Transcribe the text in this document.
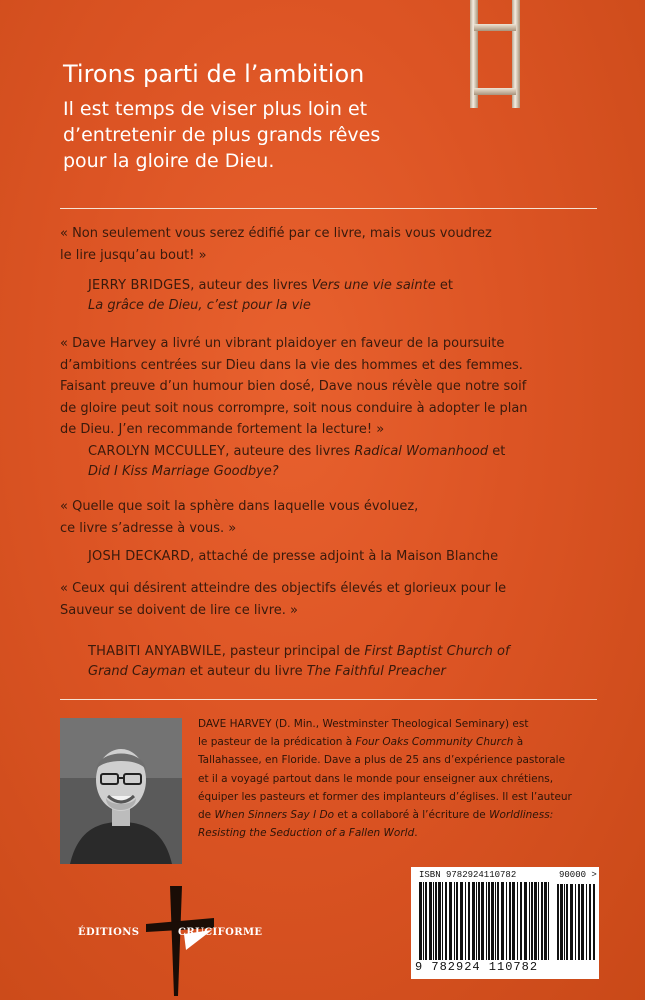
Tirons parti de l’ambition
Il est temps de viser plus loin et
d’entretenir de plus grands rêves
pour la gloire de Dieu.
« Non seulement vous serez édifié par ce livre, mais vous voudrez
le lire jusqu’au bout! »
JERRY BRIDGES, auteur des livres Vers une vie sainte et
La grâce de Dieu, c’est pour la vie
« Dave Harvey a livré un vibrant plaidoyer en faveur de la poursuite
d’ambitions centrées sur Dieu dans la vie des hommes et des femmes.
Faisant preuve d’un humour bien dosé, Dave nous révèle que notre soif
de gloire peut soit nous corrompre, soit nous conduire à adopter le plan
de Dieu. J’en recommande fortement la lecture! »
CAROLYN MCCULLEY, auteure des livres Radical Womanhood et
Did I Kiss Marriage Goodbye?
« Quelle que soit la sphère dans laquelle vous évoluez,
ce livre s’adresse à vous. »
JOSH DECKARD, attaché de presse adjoint à la Maison Blanche
« Ceux qui désirent atteindre des objectifs élevés et glorieux pour le
Sauveur se doivent de lire ce livre. »
THABITI ANYABWILE, pasteur principal de First Baptist Church of
Grand Cayman et auteur du livre The Faithful Preacher
DAVE HARVEY (D. Min., Westminster Theological Seminary) est
le pasteur de la prédication à Four Oaks Community Church à
Tallahassee, en Floride. Dave a plus de 25 ans d’expérience pastorale
et il a voyagé partout dans le monde pour enseigner aux chrétiens,
équiper les pasteurs et former des implanteurs d’églises. Il est l’auteur
de When Sinners Say I Do et a collaboré à l’écriture de Worldliness:
Resisting the Seduction of a Fallen World.
ÉDITIONS	CRUCIFORME
ISBN 9782924110782	90000 >
9 782924 110782
